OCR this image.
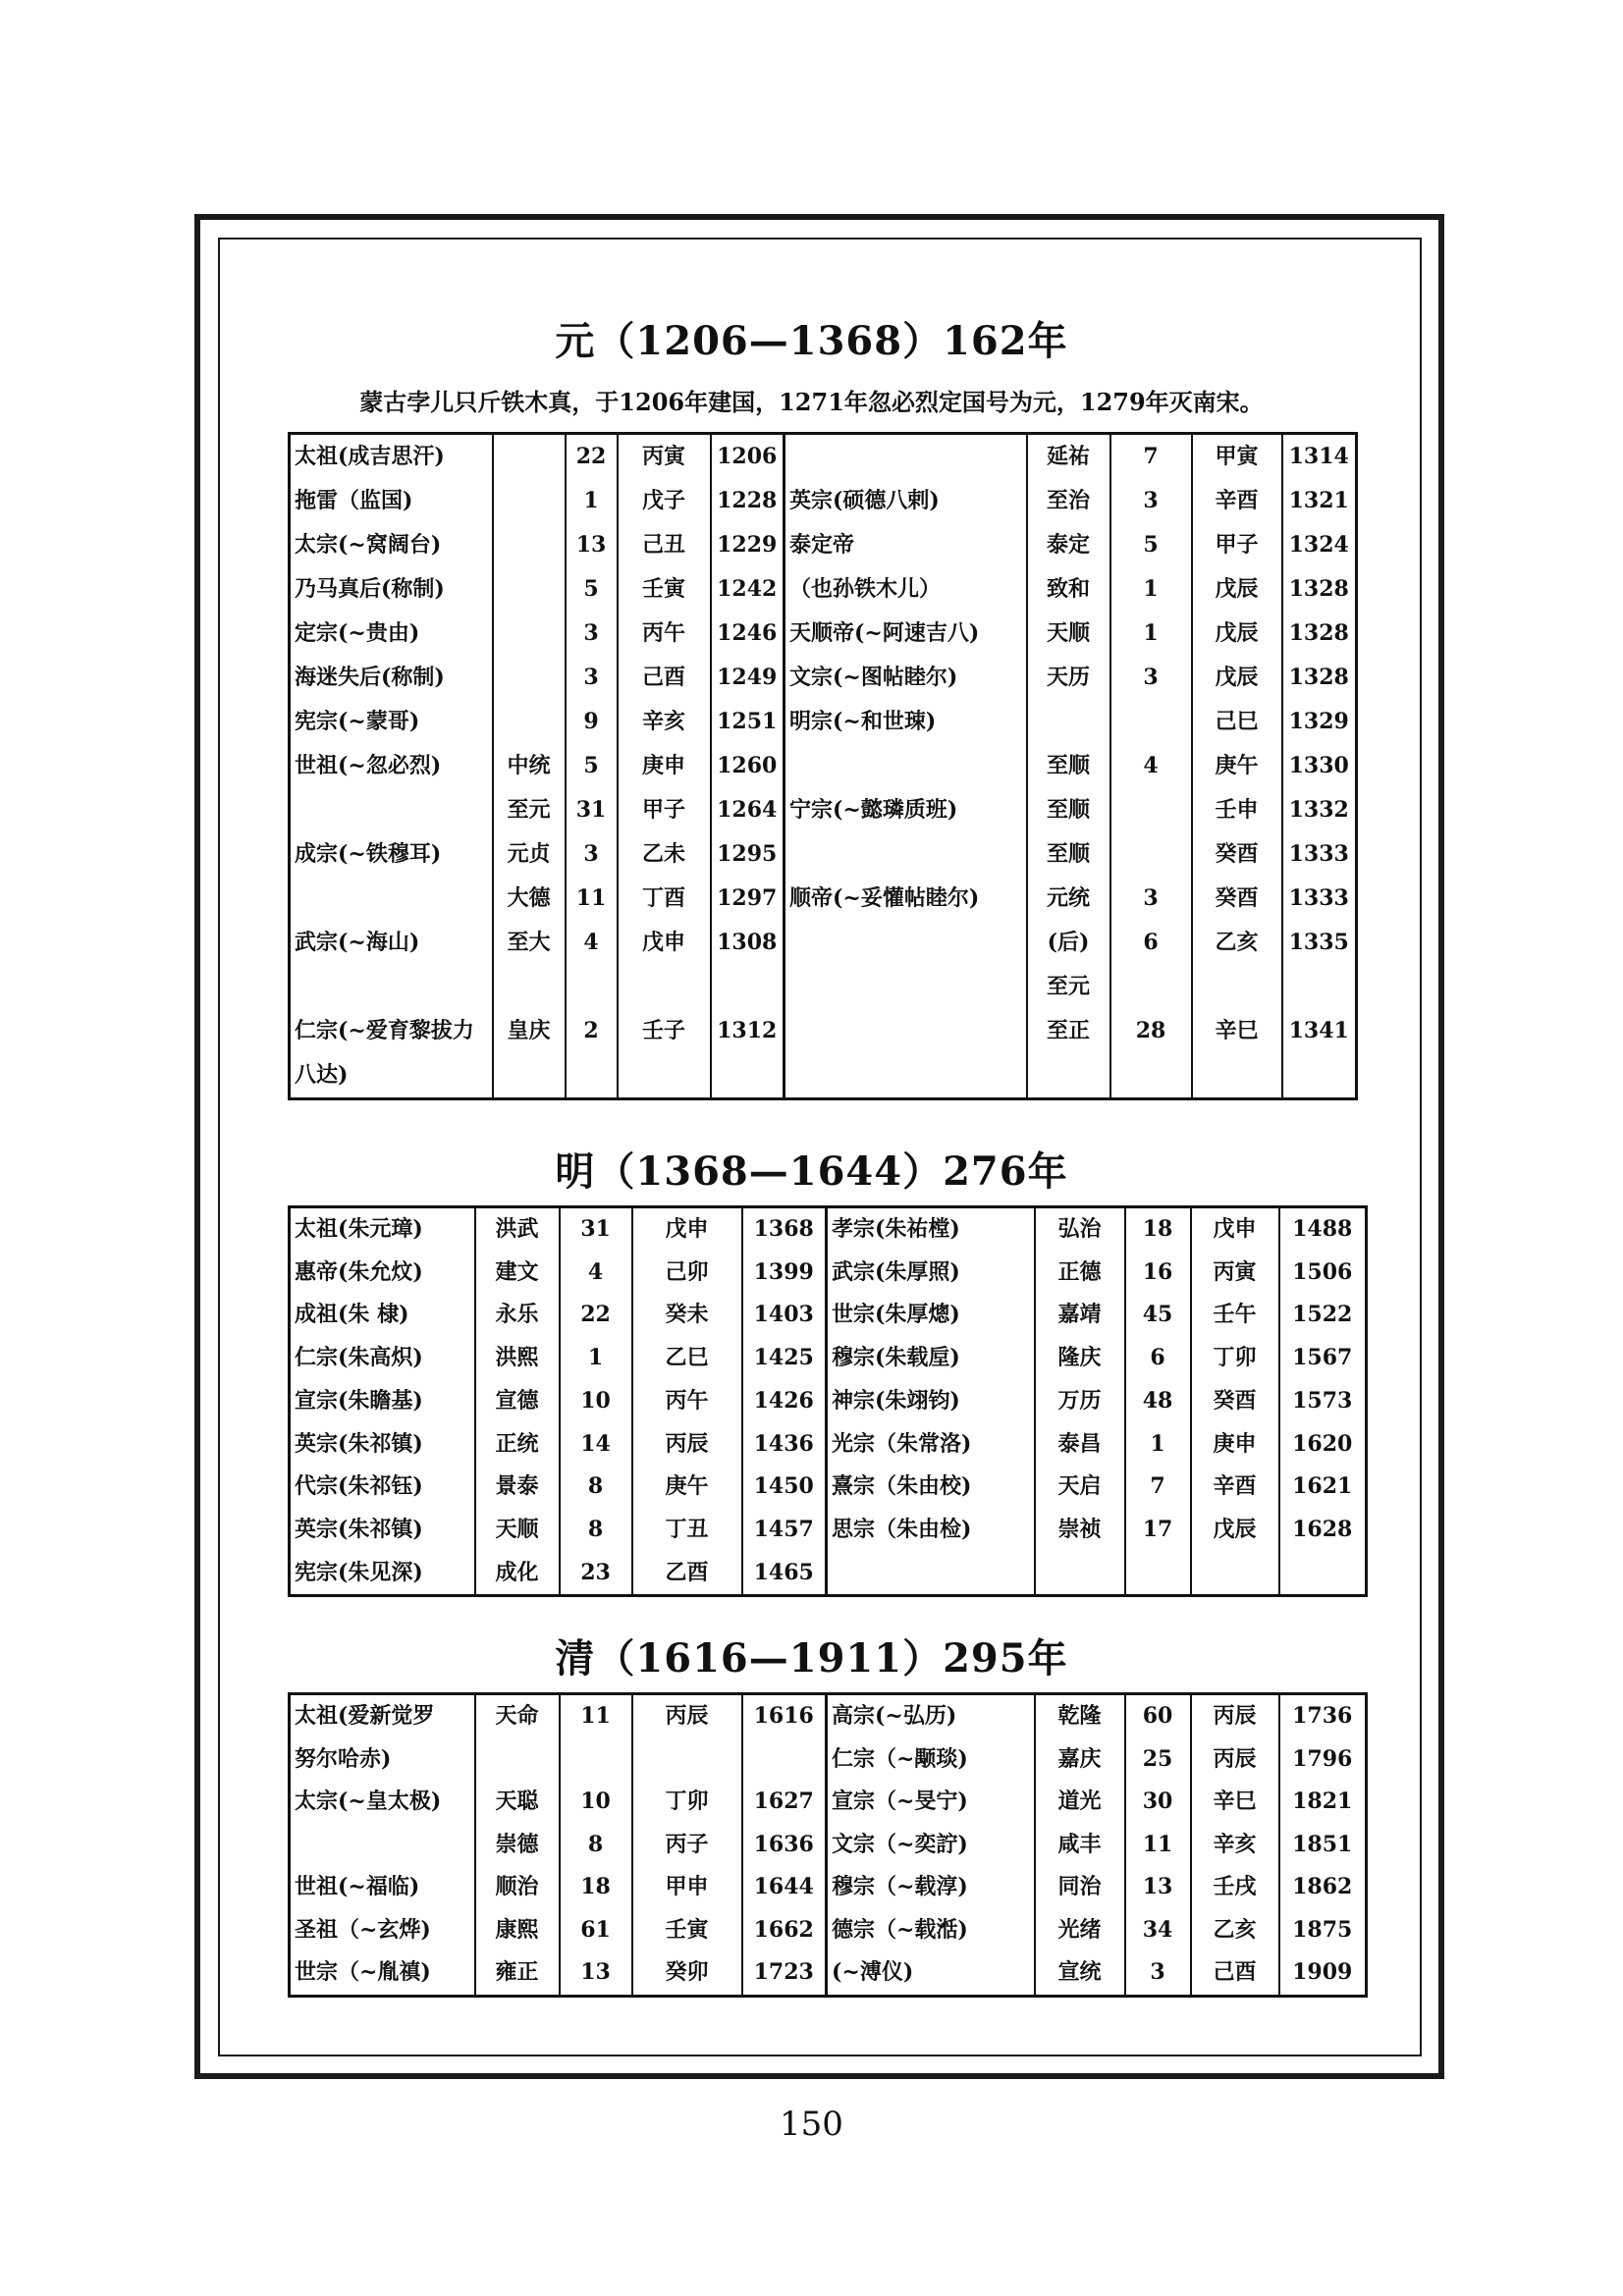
元（1206—1368）162年

蒙古孛儿只斤铁木真，于1206年建国，1271年忽必烈定国号为元，1279年灭南宋。

太祖(成吉思汗)		22	丙寅	1206		延祐	7	甲寅	1314
拖雷（监国)		1	戊子	1228	英宗(硕德八剌)	至治	3	辛酉	1321
太宗(~窝阔台)		13	己丑	1229	泰定帝	泰定	5	甲子	1324
乃马真后(称制)		5	壬寅	1242	（也孙铁木儿）	致和	1	戊辰	1328
定宗(~贵由)		3	丙午	1246	天顺帝(~阿速吉八)	天顺	1	戊辰	1328
海迷失后(称制)		3	己酉	1249	文宗(~图帖睦尔)	天历	3	戊辰	1328
宪宗(~蒙哥)		9	辛亥	1251	明宗(~和世㻋)			己巳	1329
世祖(~忽必烈)	中统	5	庚申	1260		至顺	4	庚午	1330
	至元	31	甲子	1264	宁宗(~懿璘质班)	至顺		壬申	1332
成宗(~铁穆耳)	元贞	3	乙未	1295		至顺		癸酉	1333
	大德	11	丁酉	1297	顺帝(~妥懽帖睦尔)	元统	3	癸酉	1333
武宗(~海山)	至大	4	戊申	1308		(后)	6	乙亥	1335
						至元			
仁宗(~爱育黎拔力八达)	皇庆	2	壬子	1312		至正	28	辛巳	1341
明（1368—1644）276年
太祖(朱元璋)	洪武	31	戊申	1368	孝宗(朱祐樘)	弘治	18	戊申	1488
惠帝(朱允炆)	建文	4	己卯	1399	武宗(朱厚照)	正德	16	丙寅	1506
成祖(朱 棣)	永乐	22	癸未	1403	世宗(朱厚熜)	嘉靖	45	壬午	1522
仁宗(朱高炽)	洪熙	1	乙巳	1425	穆宗(朱载垕)	隆庆	6	丁卯	1567
宣宗(朱瞻基)	宣德	10	丙午	1426	神宗(朱翊钧)	万历	48	癸酉	1573
英宗(朱祁镇)	正统	14	丙辰	1436	光宗（朱常洛)	泰昌	1	庚申	1620
代宗(朱祁钰)	景泰	8	庚午	1450	熹宗（朱由校)	天启	7	辛酉	1621
英宗(朱祁镇)	天顺	8	丁丑	1457	思宗（朱由检)	崇祯	17	戊辰	1628
宪宗(朱见深)	成化	23	乙酉	1465					
清（1616—1911）295年
太祖(爱新觉罗	天命	11	丙辰	1616	高宗(~弘历)	乾隆	60	丙辰	1736
努尔哈赤)					仁宗（~颙琰)	嘉庆	25	丙辰	1796
太宗(~皇太极)	天聪	10	丁卯	1627	宣宗（~旻宁)	道光	30	辛巳	1821
	崇德	8	丙子	1636	文宗（~奕詝)	咸丰	11	辛亥	1851
世祖(~福临)	顺治	18	甲申	1644	穆宗（~载淳)	同治	13	壬戌	1862
圣祖（~玄烨)	康熙	61	壬寅	1662	德宗（~载湉)	光绪	34	乙亥	1875
世宗（~胤禛)	雍正	13	癸卯	1723	(~溥仪)	宣统	3	己酉	1909

150
